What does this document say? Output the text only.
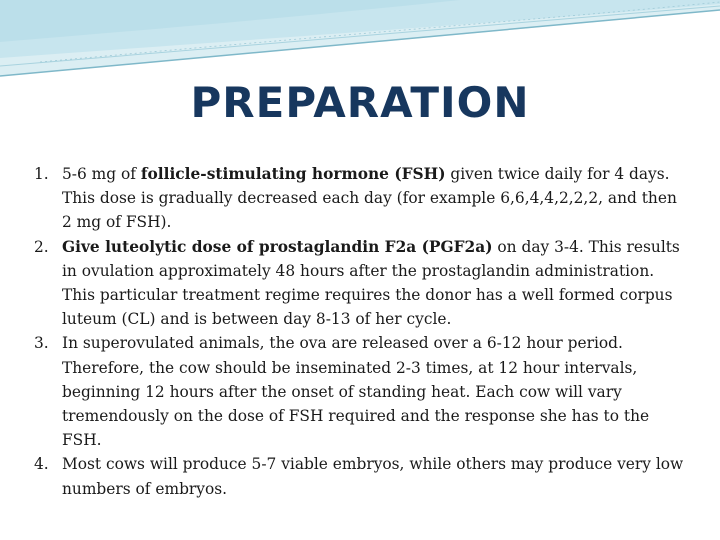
PREPARATION
1. 5-6 mg of follicle-stimulating hormone (FSH) given twice daily for 4 days. This dose is gradually decreased each day (for example 6,6,4,4,2,2,2, and then 2 mg of FSH).
2. Give luteolytic dose of prostaglandin F2a (PGF2a) on day 3-4. This results in ovulation approximately 48 hours after the prostaglandin administration. This particular treatment regime requires the donor has a well formed corpus luteum (CL) and is between day 8-13 of her cycle.
3. In superovulated animals, the ova are released over a 6-12 hour period. Therefore, the cow should be inseminated 2-3 times, at 12 hour intervals, beginning 12 hours after the onset of standing heat. Each cow will vary tremendously on the dose of FSH required and the response she has to the FSH.
4. Most cows will produce 5-7 viable embryos, while others may produce very low numbers of embryos.
